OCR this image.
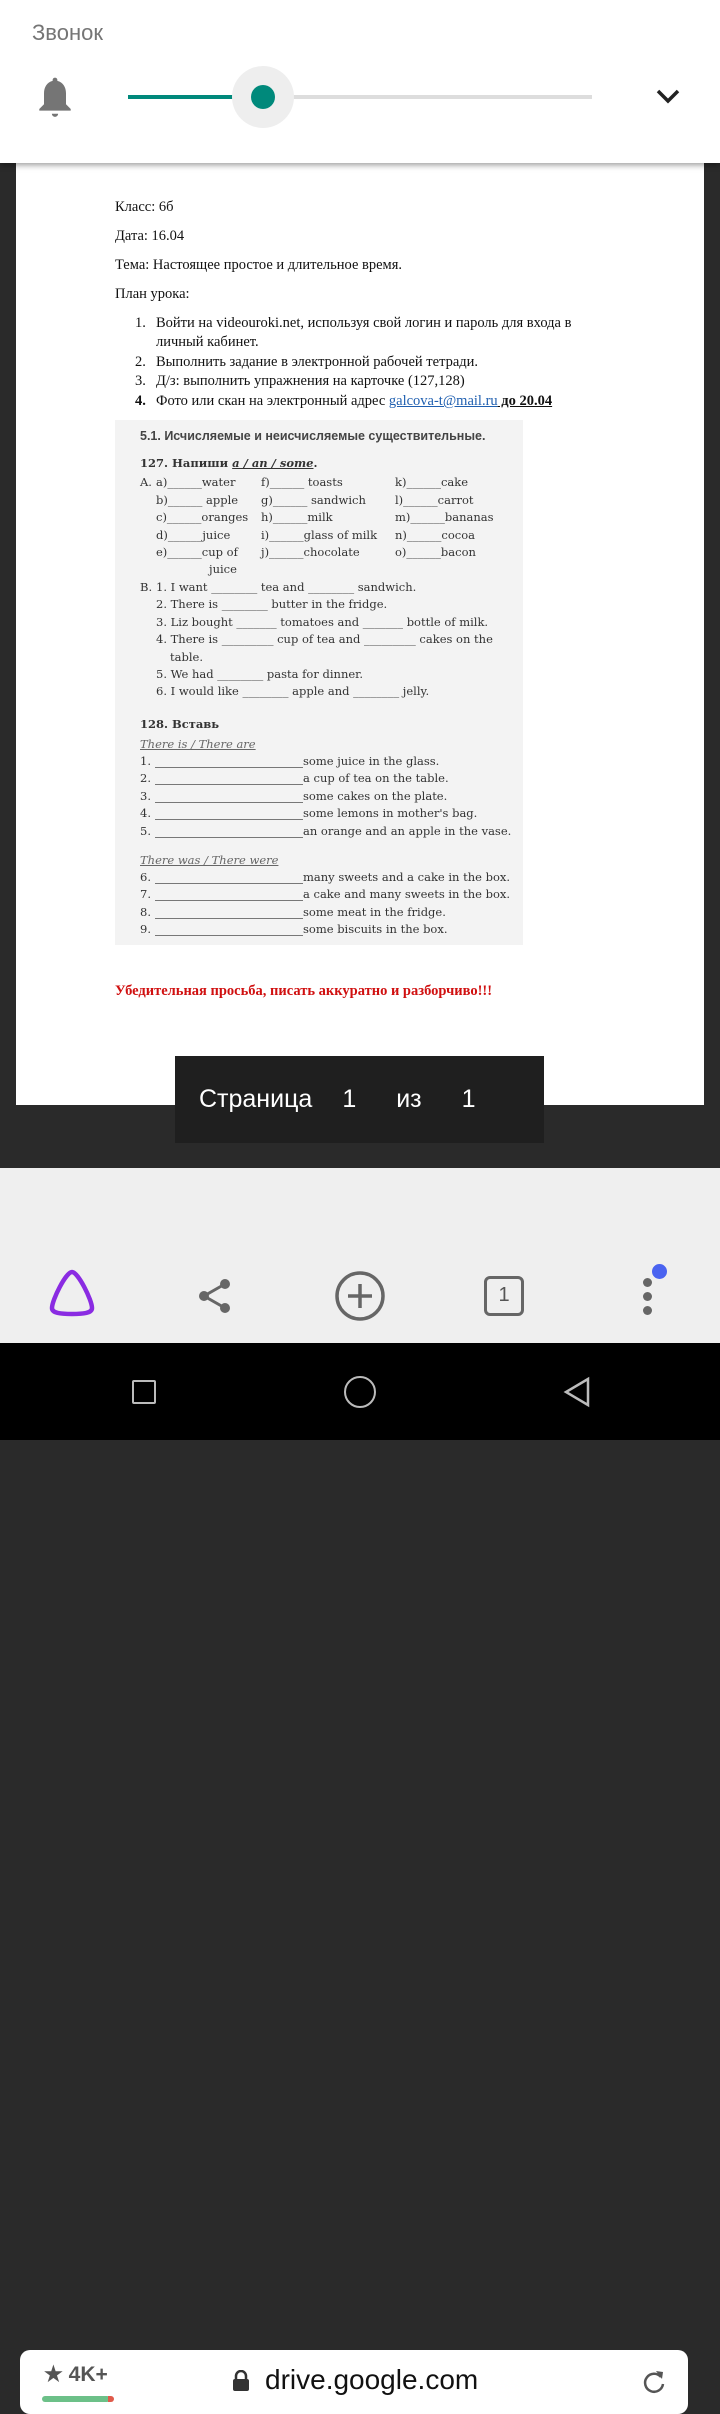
Звонок
Класс: 6б
Дата: 16.04
Тема: Настоящее простое и длительное время.
План урока:
1. Войти на videouroki.net, используя свой логин и пароль для входа в
личный кабинет.
2. Выполнить задание в электронной рабочей тетради.
3. Д/з: выполнить упражнения на карточке (127,128)
4. Фото или скан на электронный адрес galcova-t@mail.ru до 20.04
5.1. Исчисляемые и неисчисляемые существительные.
127. Напиши a / an / some.
A. a)______water f)______ toasts	k)______cake
b)______ apple g)______ sandwich	l)______carrot
c)______oranges h)______milk	m)______bananas
d)______juice	i)______glass of milk n)______cocoa
e)______cup of j)______chocolate	o)______bacon
juice
B. 1. I want ________ tea and ________ sandwich.
2. There is ________ butter in the fridge.
3. Liz bought _______ tomatoes and _______ bottle of milk.
4. There is _________ cup of tea and _________ cakes on the
table.
5. We had ________ pasta for dinner.
6. I would like ________ apple and ________ jelly.
128. Вставь
There is / There are
1.	some juice in the glass.
2.	a cup of tea on the table.
3.	some cakes on the plate.
4.	some lemons in mother's bag.
5.	an orange and an apple in the vase.
There was / There were
6.	many sweets and a cake in the box.
7.	a cake and many sweets in the box.
8.	some meat in the fridge.
9.	some biscuits in the box.
Убедительная просьба, писать аккуратно и разборчиво!!!
Страница 1 из 1
★ 4K+	drive.google.com
1
